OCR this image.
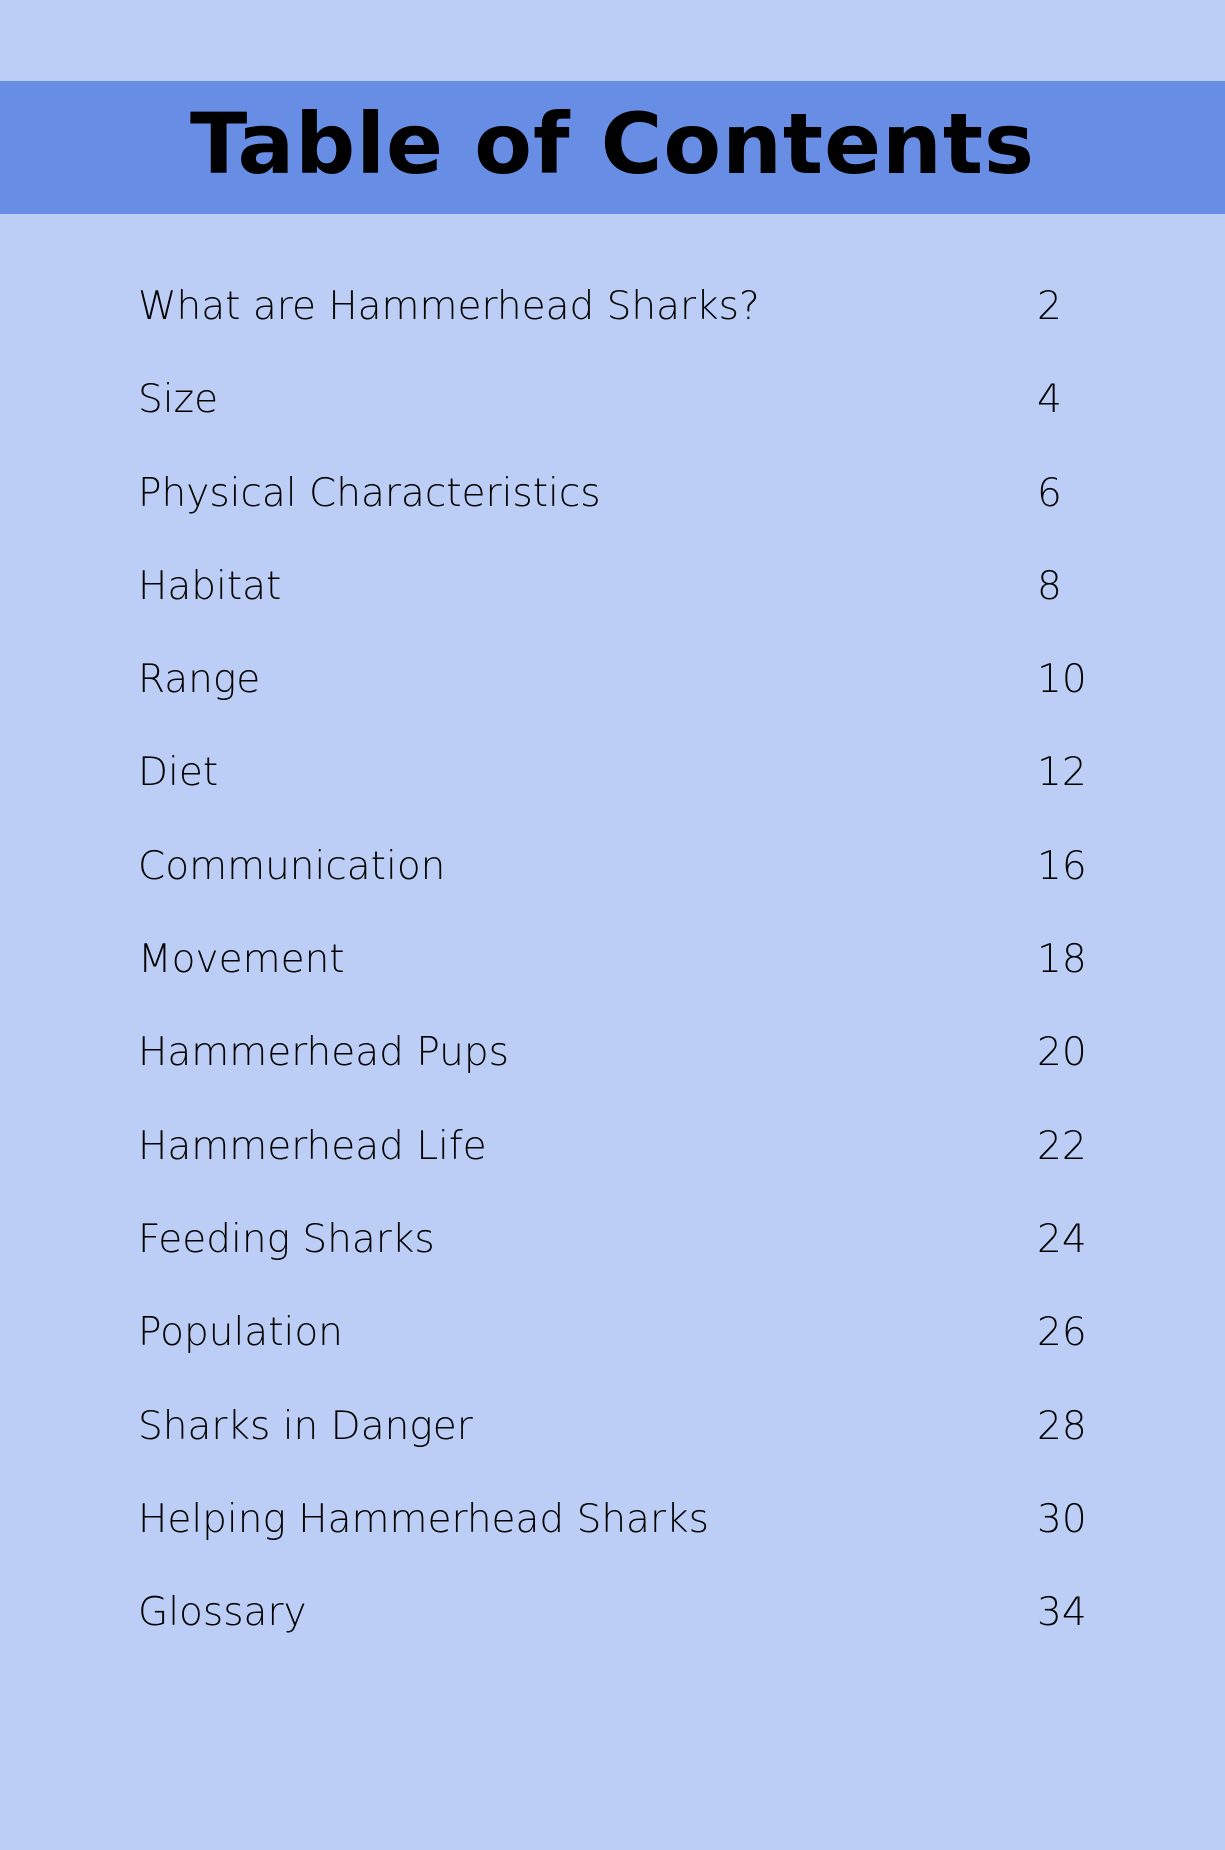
Table of Contents
What are Hammerhead Sharks?	2
Size	4
Physical Characteristics	6
Habitat	8
Range	10
Diet	12
Communication	16
Movement	18
Hammerhead Pups	20
Hammerhead Life	22
Feeding Sharks	24
Population	26
Sharks in Danger	28
Helping Hammerhead Sharks	30
Glossary	34
